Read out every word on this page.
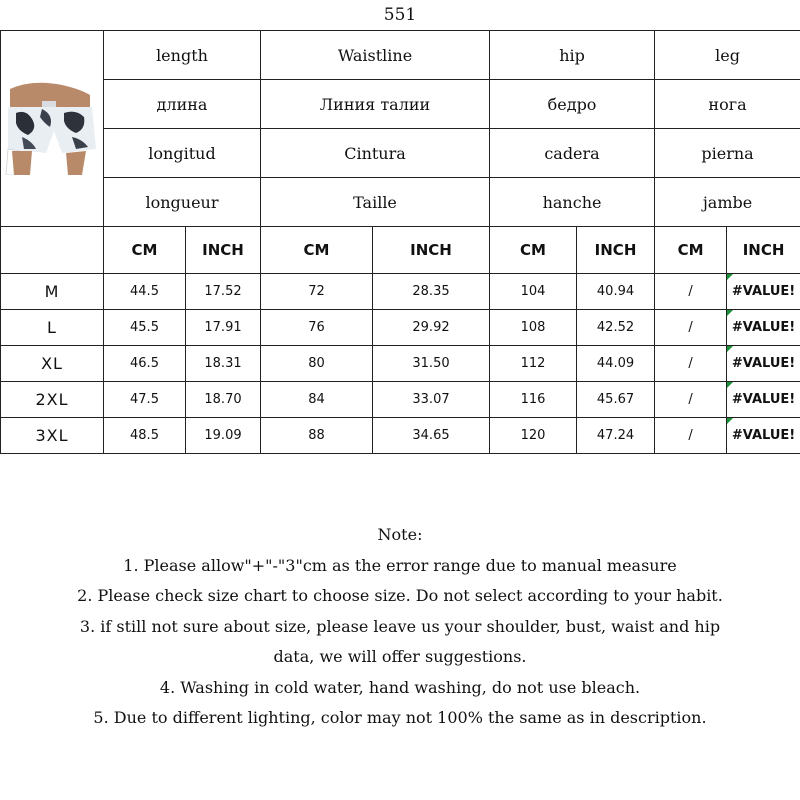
551
	length		Waistline		hip		leg	
	длина		Линия талии		бедро		нога	
	longitud		Cintura		cadera		pierna	
	longueur		Taille		hanche		jambe	
	CM	INCH	CM	INCH	CM	INCH	CM	INCH
M	44.5	17.52	72	28.35	104	40.94	/	#VALUE!
L	45.5	17.91	76	29.92	108	42.52	/	#VALUE!
XL	46.5	18.31	80	31.50	112	44.09	/	#VALUE!
2XL	47.5	18.70	84	33.07	116	45.67	/	#VALUE!
3XL	48.5	19.09	88	34.65	120	47.24	/	#VALUE!
Note:
1. Please allow"+"-"3"cm as the error range due to manual measure
2. Please check size chart to choose size. Do not select according to your habit.
3. if still not sure about size, please leave us your shoulder, bust, waist and hip
data, we will offer suggestions.
4. Washing in cold water, hand washing, do not use bleach.
5. Due to different lighting, color may not 100% the same as in description.
